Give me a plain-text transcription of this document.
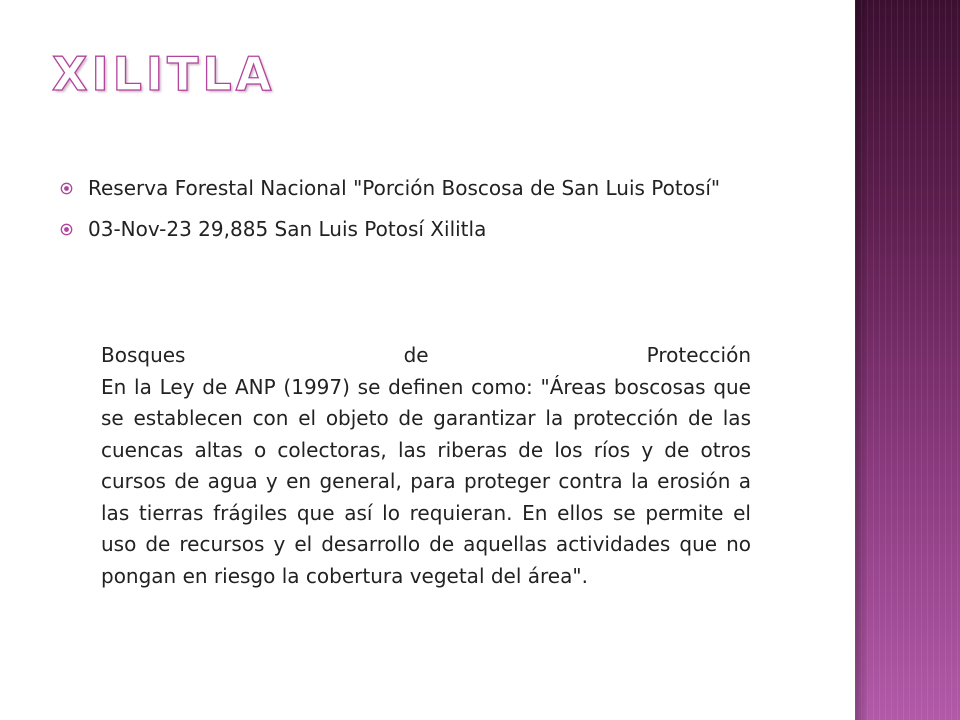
XILITLA
Reserva Forestal Nacional "Porción Boscosa de San Luis Potosí"
03-Nov-23 29,885 San Luis Potosí Xilitla
Bosques de Protección
En la Ley de ANP (1997) se definen como: "Áreas boscosas que se establecen con el objeto de garantizar la protección de las cuencas altas o colectoras, las riberas de los ríos y de otros cursos de agua y en general, para proteger contra la erosión a las tierras frágiles que así lo requieran. En ellos se permite el uso de recursos y el desarrollo de aquellas actividades que no pongan en riesgo la cobertura vegetal del área".
